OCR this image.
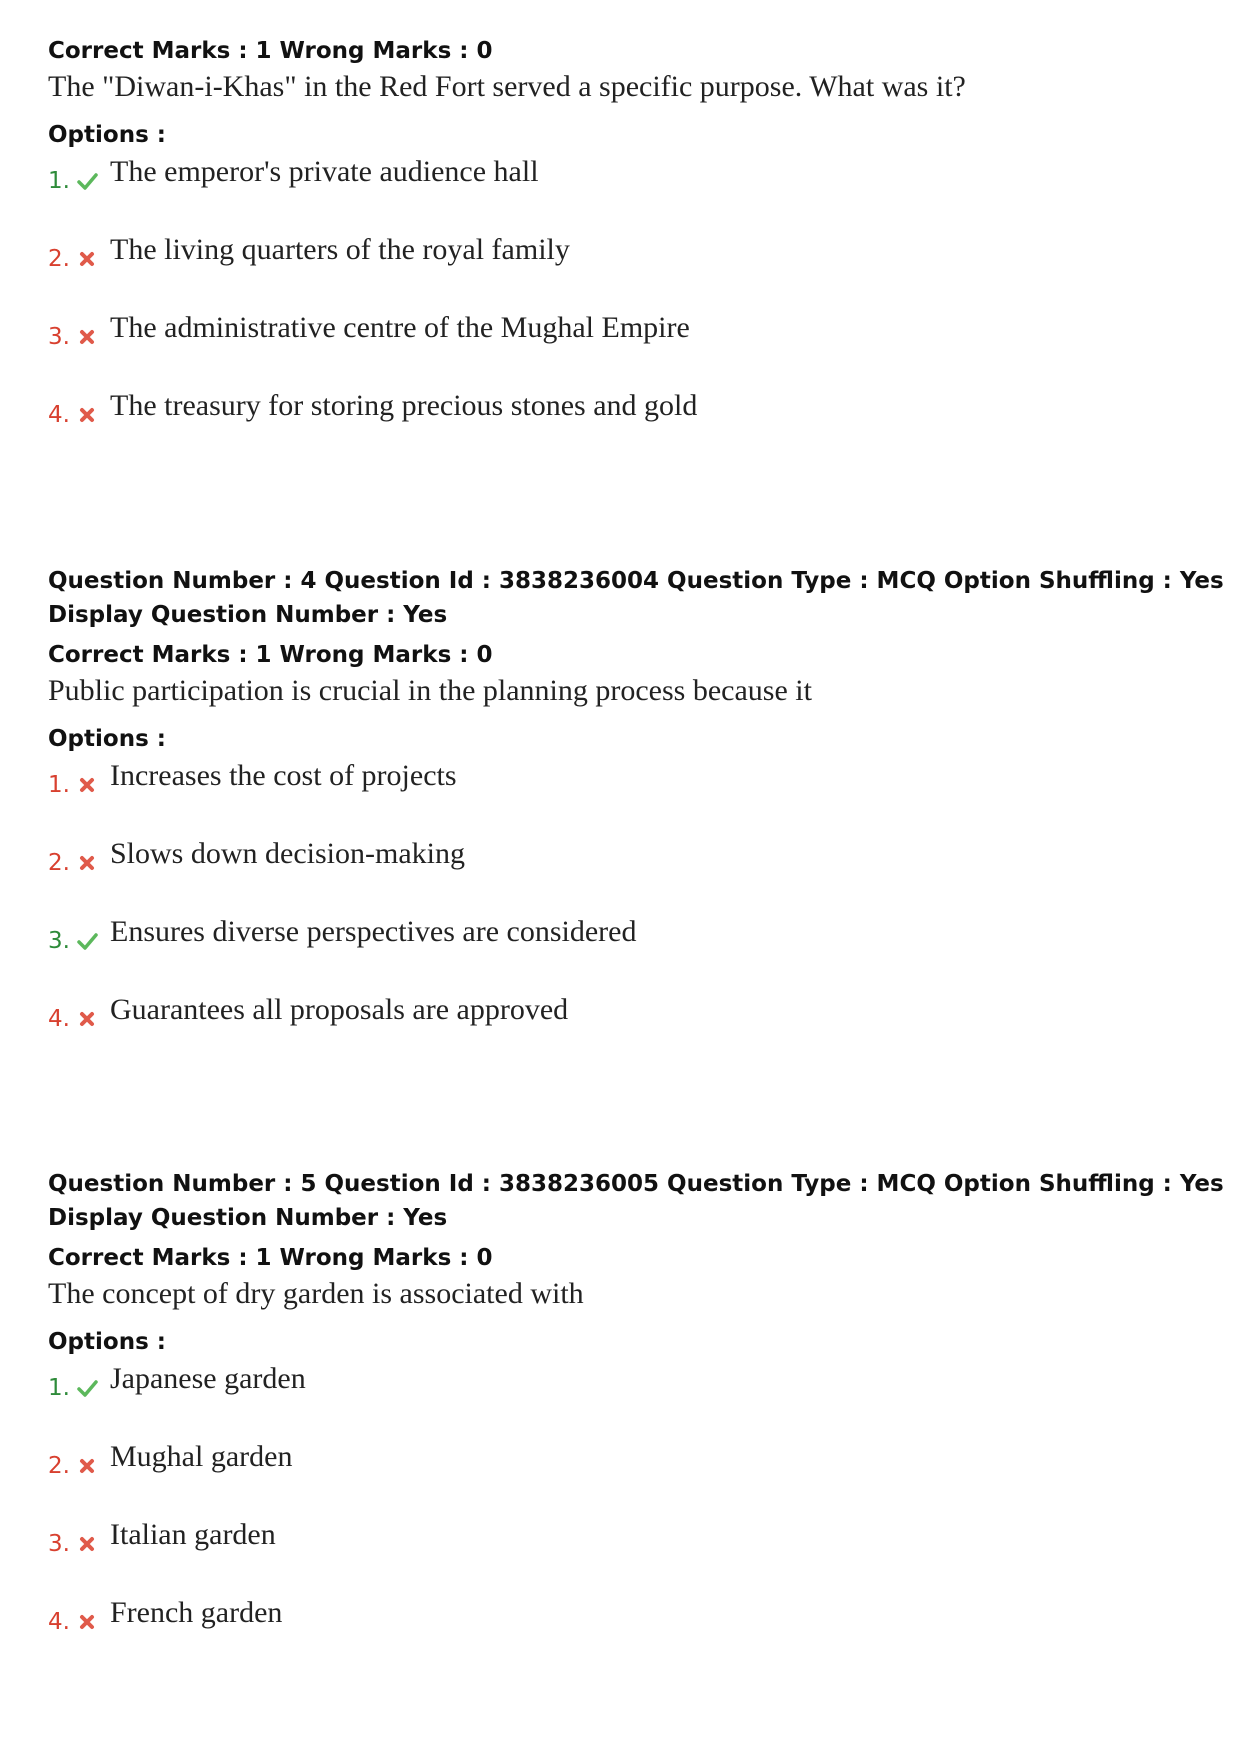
Correct Marks : 1 Wrong Marks : 0
The "Diwan-i-Khas" in the Red Fort served a specific purpose. What was it?
Options :
1. The emperor's private audience hall
2. The living quarters of the royal family
3. The administrative centre of the Mughal Empire
4. The treasury for storing precious stones and gold
Question Number : 4 Question Id : 3838236004 Question Type : MCQ Option Shuffling : Yes
Display Question Number : Yes
Correct Marks : 1 Wrong Marks : 0
Public participation is crucial in the planning process because it
Options :
1. Increases the cost of projects
2. Slows down decision-making
3. Ensures diverse perspectives are considered
4. Guarantees all proposals are approved
Question Number : 5 Question Id : 3838236005 Question Type : MCQ Option Shuffling : Yes
Display Question Number : Yes
Correct Marks : 1 Wrong Marks : 0
The concept of dry garden is associated with
Options :
1. Japanese garden
2. Mughal garden
3. Italian garden
4. French garden
